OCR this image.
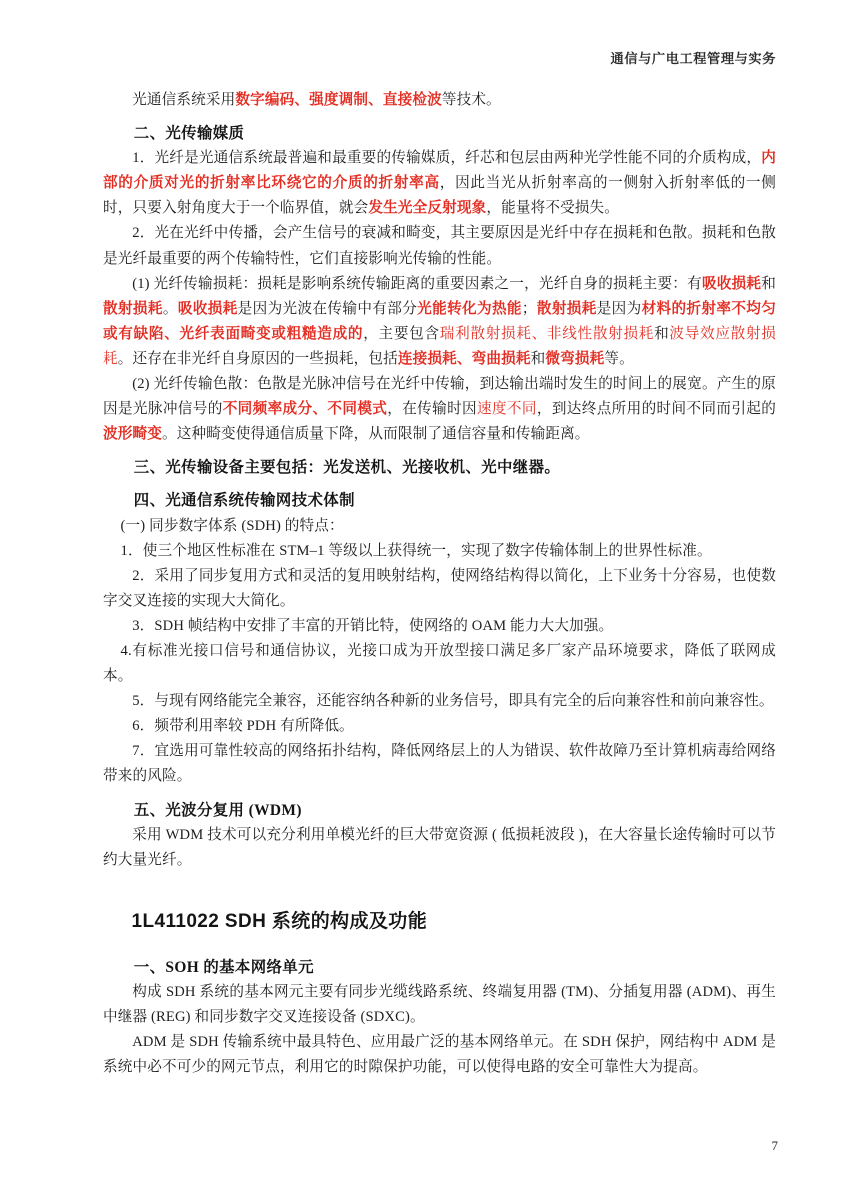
通信与广电工程管理与实务

光通信系统采用数字编码、强度调制、直接检波等技术。

二、光传输媒质

1．光纤是光通信系统最普遍和最重要的传输媒质，纤芯和包层由两种光学性能不同的介质构成，内部的介质对光的折射率比环绕它的介质的折射率高，因此当光从折射率高的一侧射入折射率低的一侧时，只要入射角度大于一个临界值，就会发生光全反射现象，能量将不受损失。

2．光在光纤中传播，会产生信号的衰减和畸变，其主要原因是光纤中存在损耗和色散。损耗和色散是光纤最重要的两个传输特性，它们直接影响光传输的性能。

(1) 光纤传输损耗：损耗是影响系统传输距离的重要因素之一，光纤自身的损耗主要：有吸收损耗和散射损耗。吸收损耗是因为光波在传输中有部分光能转化为热能；散射损耗是因为材料的折射率不均匀或有缺陷、光纤表面畸变或粗糙造成的，主要包含瑞利散射损耗、非线性散射损耗和波导效应散射损耗。还存在非光纤自身原因的一些损耗，包括连接损耗、弯曲损耗和微弯损耗等。

(2) 光纤传输色散：色散是光脉冲信号在光纤中传输，到达输出端时发生的时间上的展宽。产生的原因是光脉冲信号的不同频率成分、不同模式，在传输时因速度不同，到达终点所用的时间不同而引起的波形畸变。这种畸变使得通信质量下降，从而限制了通信容量和传输距离。

三、光传输设备主要包括：光发送机、光接收机、光中继器。
四、光通信系统传输网技术体制

(一) 同步数字体系 (SDH) 的特点：

1．使三个地区性标准在 STM–1 等级以上获得统一，实现了数字传输体制上的世界性标准。

2．采用了同步复用方式和灵活的复用映射结构，使网络结构得以简化，上下业务十分容易，也使数字交叉连接的实现大大简化。

3．SDH 帧结构中安排了丰富的开销比特，使网络的 OAM 能力大大加强。

4.有标准光接口信号和通信协议，光接口成为开放型接口满足多厂家产品环境要求，降低了联网成本。

5．与现有网络能完全兼容，还能容纳各种新的业务信号，即具有完全的后向兼容性和前向兼容性。

6．频带利用率较 PDH 有所降低。

7．宜选用可靠性较高的网络拓扑结构，降低网络层上的人为错误、软件故障乃至计算机病毒给网络带来的风险。

五、光波分复用 (WDM)

采用 WDM 技术可以充分利用单模光纤的巨大带宽资源 ( 低损耗波段 )，在大容量长途传输时可以节约大量光纤。

1L411022 SDH 系统的构成及功能
一、SOH 的基本网络单元

构成 SDH 系统的基本网元主要有同步光缆线路系统、终端复用器 (TM)、分插复用器 (ADM)、再生中继器 (REG) 和同步数字交叉连接设备 (SDXC)。

ADM 是 SDH 传输系统中最具特色、应用最广泛的基本网络单元。在 SDH 保护，网结构中 ADM 是系统中必不可少的网元节点，利用它的时隙保护功能，可以使得电路的安全可靠性大为提高。

7
